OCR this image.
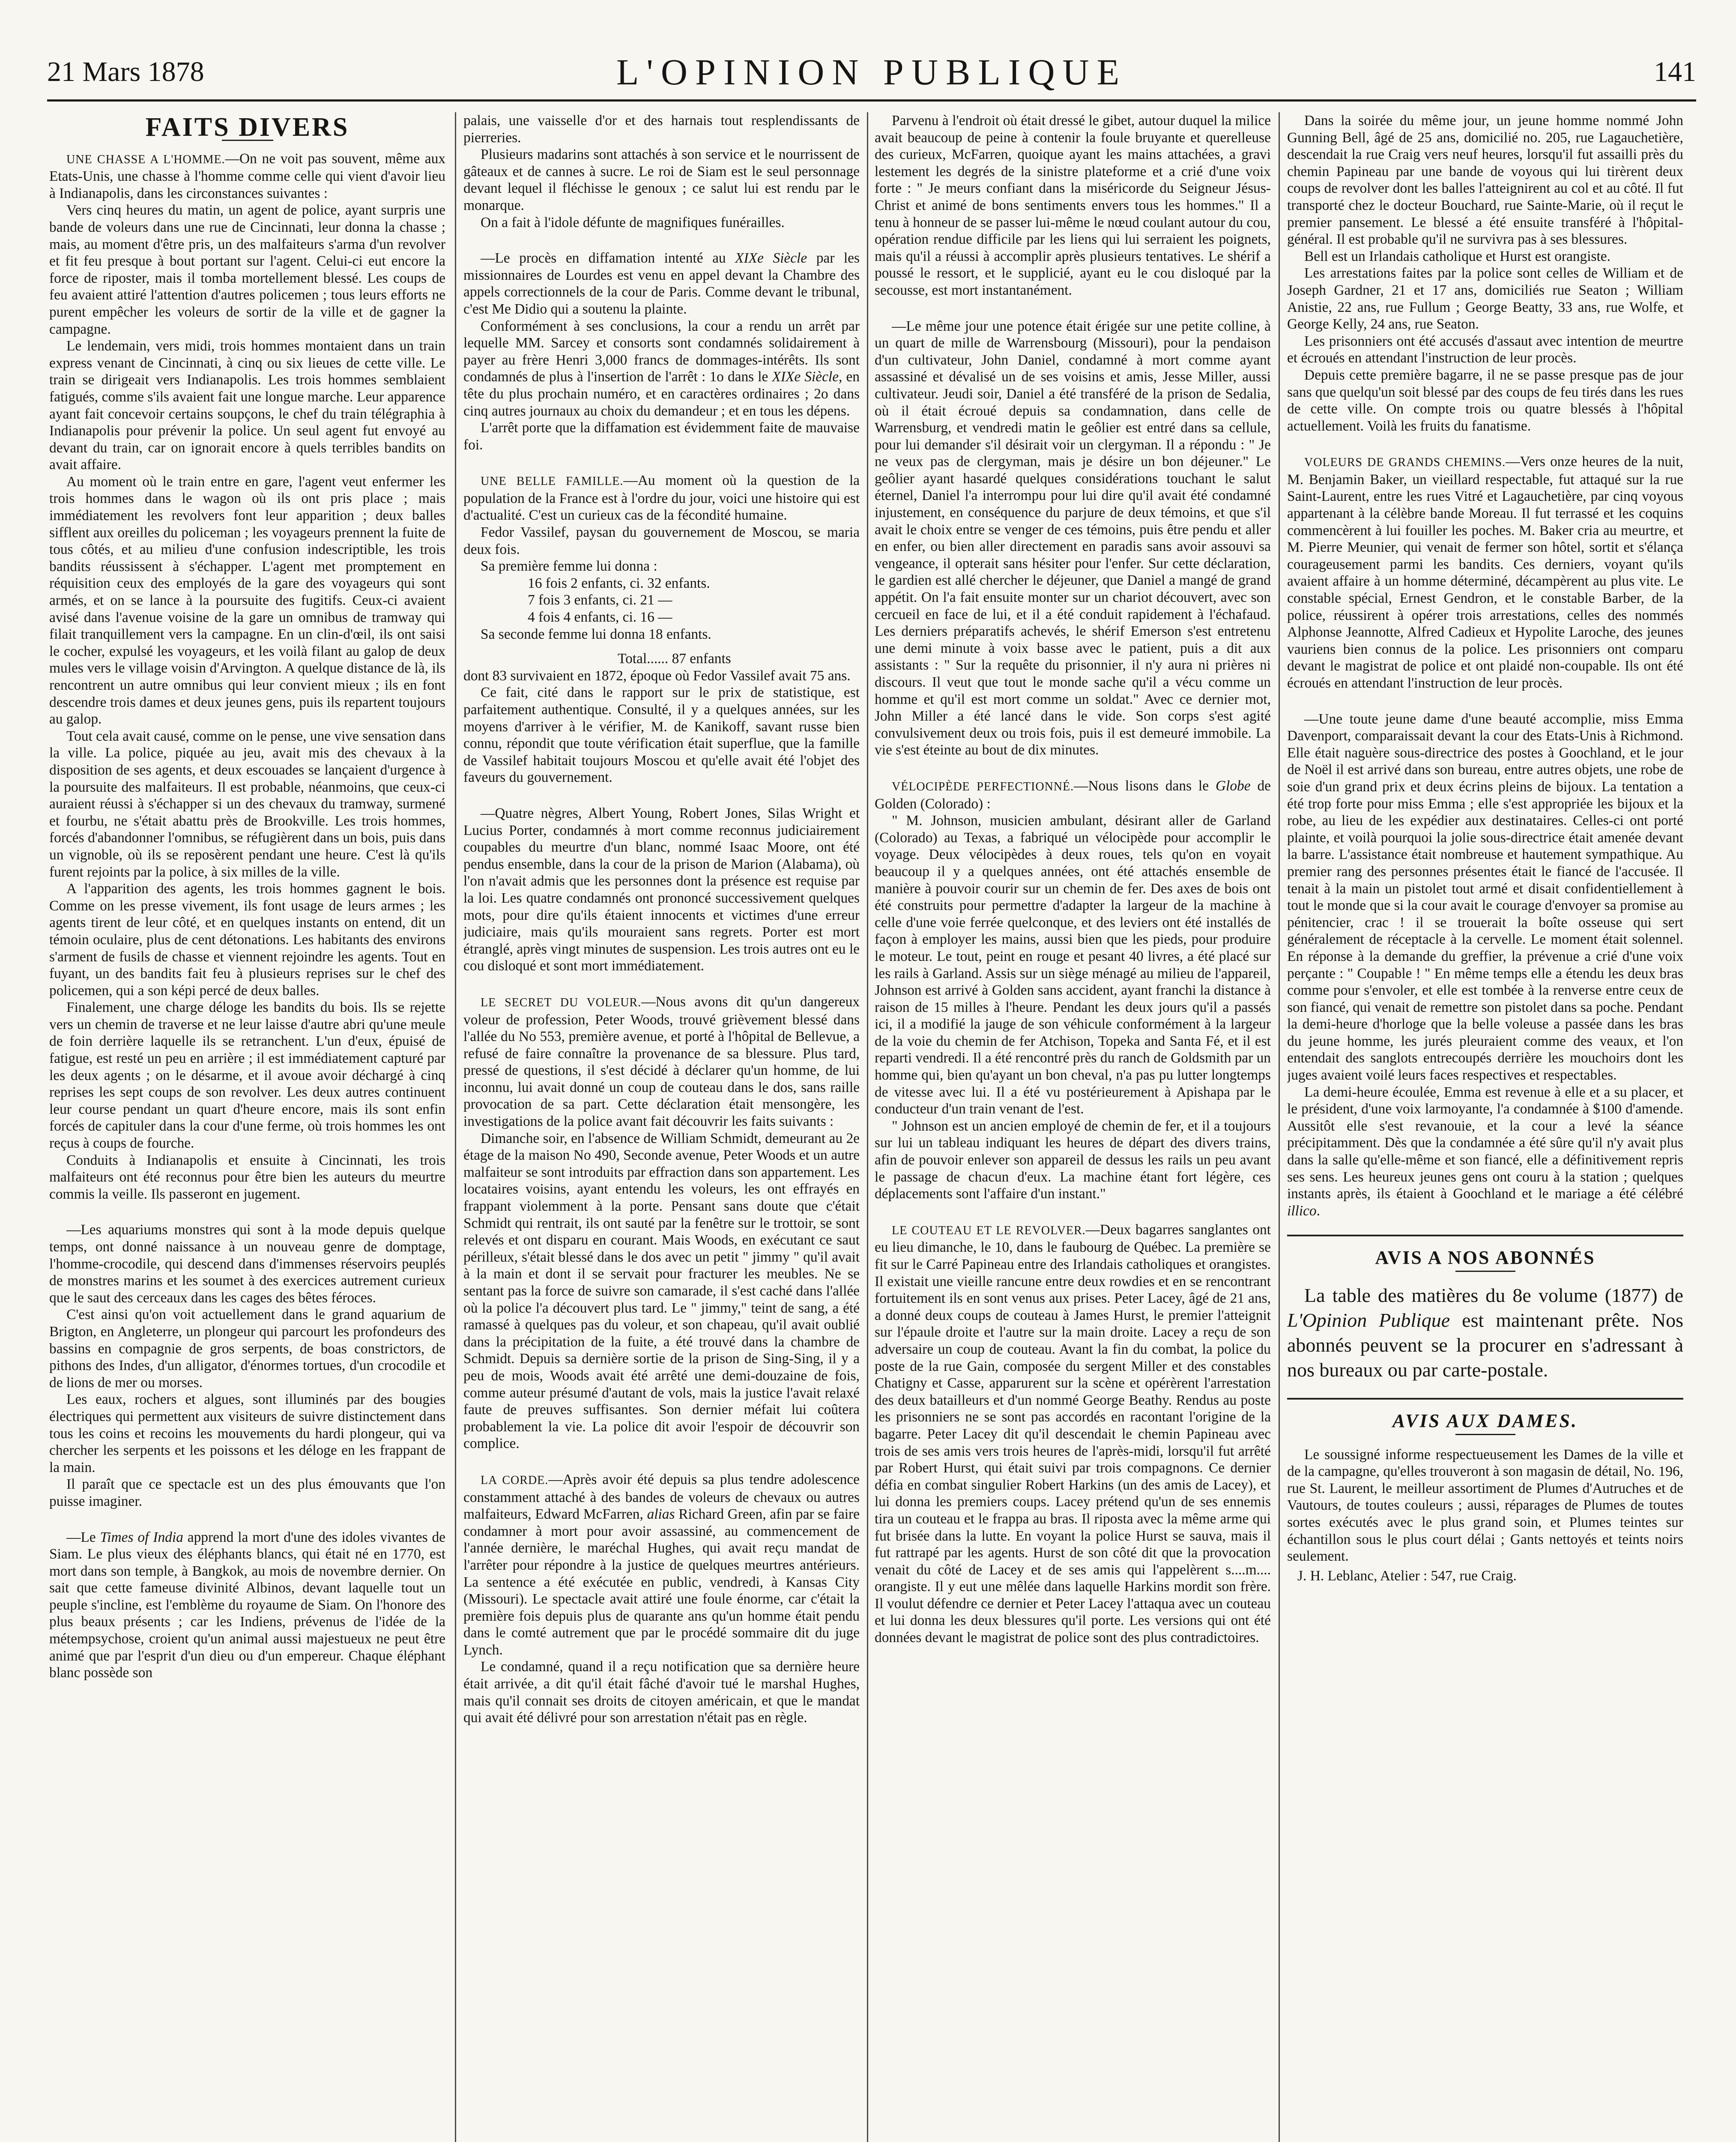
21 Mars 1878	L'OPINION PUBLIQUE	141
FAITS DIVERS

UNE CHASSE A L'HOMME.—On ne voit pas souvent, même aux Etats-Unis, une chasse à l'homme comme celle qui vient d'avoir lieu à Indianapolis, dans les circonstances suivantes :

Vers cinq heures du matin, un agent de police, ayant surpris une bande de voleurs dans une rue de Cincinnati, leur donna la chasse ; mais, au moment d'être pris, un des malfaiteurs s'arma d'un revolver et fit feu presque à bout portant sur l'agent. Celui-ci eut encore la force de riposter, mais il tomba mortellement blessé. Les coups de feu avaient attiré l'attention d'autres policemen ; tous leurs efforts ne purent empêcher les voleurs de sortir de la ville et de gagner la campagne.

Le lendemain, vers midi, trois hommes montaient dans un train express venant de Cincinnati, à cinq ou six lieues de cette ville. Le train se dirigeait vers Indianapolis. Les trois hommes semblaient fatigués, comme s'ils avaient fait une longue marche. Leur apparence ayant fait concevoir certains soupçons, le chef du train télégraphia à Indianapolis pour prévenir la police. Un seul agent fut envoyé au devant du train, car on ignorait encore à quels terribles bandits on avait affaire.

Au moment où le train entre en gare, l'agent veut enfermer les trois hommes dans le wagon où ils ont pris place ; mais immédiatement les revolvers font leur apparition ; deux balles sifflent aux oreilles du policeman ; les voyageurs prennent la fuite de tous côtés, et au milieu d'une confusion indescriptible, les trois bandits réussissent à s'échapper. L'agent met promptement en réquisition ceux des employés de la gare des voyageurs qui sont armés, et on se lance à la poursuite des fugitifs. Ceux-ci avaient avisé dans l'avenue voisine de la gare un omnibus de tramway qui filait tranquillement vers la campagne. En un clin-d'œil, ils ont saisi le cocher, expulsé les voyageurs, et les voilà filant au galop de deux mules vers le village voisin d'Arvington. A quelque distance de là, ils rencontrent un autre omnibus qui leur convient mieux ; ils en font descendre trois dames et deux jeunes gens, puis ils repartent toujours au galop.

Tout cela avait causé, comme on le pense, une vive sensation dans la ville. La police, piquée au jeu, avait mis des chevaux à la disposition de ses agents, et deux escouades se lançaient d'urgence à la poursuite des malfaiteurs. Il est probable, néanmoins, que ceux-ci auraient réussi à s'échapper si un des chevaux du tramway, surmené et fourbu, ne s'était abattu près de Brookville. Les trois hommes, forcés d'abandonner l'omnibus, se réfugièrent dans un bois, puis dans un vignoble, où ils se reposèrent pendant une heure. C'est là qu'ils furent rejoints par la police, à six milles de la ville.

A l'apparition des agents, les trois hommes gagnent le bois. Comme on les presse vivement, ils font usage de leurs armes ; les agents tirent de leur côté, et en quelques instants on entend, dit un témoin oculaire, plus de cent détonations. Les habitants des environs s'arment de fusils de chasse et viennent rejoindre les agents. Tout en fuyant, un des bandits fait feu à plusieurs reprises sur le chef des policemen, qui a son képi percé de deux balles.

Finalement, une charge déloge les bandits du bois. Ils se rejette vers un chemin de traverse et ne leur laisse d'autre abri qu'une meule de foin derrière laquelle ils se retranchent. L'un d'eux, épuisé de fatigue, est resté un peu en arrière ; il est immédiatement capturé par les deux agents ; on le désarme, et il avoue avoir déchargé à cinq reprises les sept coups de son revolver. Les deux autres continuent leur course pendant un quart d'heure encore, mais ils sont enfin forcés de capituler dans la cour d'une ferme, où trois hommes les ont reçus à coups de fourche.

Conduits à Indianapolis et ensuite à Cincinnati, les trois malfaiteurs ont été reconnus pour être bien les auteurs du meurtre commis la veille. Ils passeront en jugement.

—Les aquariums monstres qui sont à la mode depuis quelque temps, ont donné naissance à un nouveau genre de domptage, l'homme-crocodile, qui descend dans d'immenses réservoirs peuplés de monstres marins et les soumet à des exercices autrement curieux que le saut des cerceaux dans les cages des bêtes féroces.

C'est ainsi qu'on voit actuellement dans le grand aquarium de Brigton, en Angleterre, un plongeur qui parcourt les profondeurs des bassins en compagnie de gros serpents, de boas constrictors, de pithons des Indes, d'un alligator, d'énormes tortues, d'un crocodile et de lions de mer ou morses.

Les eaux, rochers et algues, sont illuminés par des bougies électriques qui permettent aux visiteurs de suivre distinctement dans tous les coins et recoins les mouvements du hardi plongeur, qui va chercher les serpents et les poissons et les déloge en les frappant de la main.

Il paraît que ce spectacle est un des plus émouvants que l'on puisse imaginer.

—Le Times of India apprend la mort d'une des idoles vivantes de Siam. Le plus vieux des éléphants blancs, qui était né en 1770, est mort dans son temple, à Bangkok, au mois de novembre dernier. On sait que cette fameuse divinité Albinos, devant laquelle tout un peuple s'incline, est l'emblème du royaume de Siam. On l'honore des plus beaux présents ; car les Indiens, prévenus de l'idée de la métempsychose, croient qu'un animal aussi majestueux ne peut être animé que par l'esprit d'un dieu ou d'un empereur. Chaque éléphant blanc possède son

palais, une vaisselle d'or et des harnais tout resplendissants de pierreries.

Plusieurs madarins sont attachés à son service et le nourrissent de gâteaux et de cannes à sucre. Le roi de Siam est le seul personnage devant lequel il fléchisse le genoux ; ce salut lui est rendu par le monarque.

On a fait à l'idole défunte de magnifiques funérailles.

—Le procès en diffamation intenté au XIXe Siècle par les missionnaires de Lourdes est venu en appel devant la Chambre des appels correctionnels de la cour de Paris. Comme devant le tribunal, c'est Me Didio qui a soutenu la plainte.

Conformément à ses conclusions, la cour a rendu un arrêt par lequelle MM. Sarcey et consorts sont condamnés solidairement à payer au frère Henri 3,000 francs de dommages-intérêts. Ils sont condamnés de plus à l'insertion de l'arrêt : 1o dans le XIXe Siècle, en tête du plus prochain numéro, et en caractères ordinaires ; 2o dans cinq autres journaux au choix du demandeur ; et en tous les dépens.

L'arrêt porte que la diffamation est évidemment faite de mauvaise foi.

UNE BELLE FAMILLE.—Au moment où la question de la population de la France est à l'ordre du jour, voici une histoire qui est d'actualité. C'est un curieux cas de la fécondité humaine.

Fedor Vassilef, paysan du gouvernement de Moscou, se maria deux fois.

Sa première femme lui donna :

16 fois 2 enfants, ci. 32 enfants.

7 fois 3 enfants, ci. 21 —

4 fois 4 enfants, ci. 16 —

Sa seconde femme lui donna 18 enfants.

Total...... 87 enfants

dont 83 survivaient en 1872, époque où Fedor Vassilef avait 75 ans.

Ce fait, cité dans le rapport sur le prix de statistique, est parfaitement authentique. Consulté, il y a quelques années, sur les moyens d'arriver à le vérifier, M. de Kanikoff, savant russe bien connu, répondit que toute vérification était superflue, que la famille de Vassilef habitait toujours Moscou et qu'elle avait été l'objet des faveurs du gouvernement.

—Quatre nègres, Albert Young, Robert Jones, Silas Wright et Lucius Porter, condamnés à mort comme reconnus judiciairement coupables du meurtre d'un blanc, nommé Isaac Moore, ont été pendus ensemble, dans la cour de la prison de Marion (Alabama), où l'on n'avait admis que les personnes dont la présence est requise par la loi. Les quatre condamnés ont prononcé successivement quelques mots, pour dire qu'ils étaient innocents et victimes d'une erreur judiciaire, mais qu'ils mouraient sans regrets. Porter est mort étranglé, après vingt minutes de suspension. Les trois autres ont eu le cou disloqué et sont mort immédiatement.

LE SECRET DU VOLEUR.—Nous avons dit qu'un dangereux voleur de profession, Peter Woods, trouvé grièvement blessé dans l'allée du No 553, première avenue, et porté à l'hôpital de Bellevue, a refusé de faire connaître la provenance de sa blessure. Plus tard, pressé de questions, il s'est décidé à déclarer qu'un homme, de lui inconnu, lui avait donné un coup de couteau dans le dos, sans raille provocation de sa part. Cette déclaration était mensongère, les investigations de la police avant fait découvrir les faits suivants :

Dimanche soir, en l'absence de William Schmidt, demeurant au 2e étage de la maison No 490, Seconde avenue, Peter Woods et un autre malfaiteur se sont introduits par effraction dans son appartement. Les locataires voisins, ayant entendu les voleurs, les ont effrayés en frappant violemment à la porte. Pensant sans doute que c'était Schmidt qui rentrait, ils ont sauté par la fenêtre sur le trottoir, se sont relevés et ont disparu en courant. Mais Woods, en exécutant ce saut périlleux, s'était blessé dans le dos avec un petit " jimmy " qu'il avait à la main et dont il se servait pour fracturer les meubles. Ne se sentant pas la force de suivre son camarade, il s'est caché dans l'allée où la police l'a découvert plus tard. Le " jimmy," teint de sang, a été ramassé à quelques pas du voleur, et son chapeau, qu'il avait oublié dans la précipitation de la fuite, a été trouvé dans la chambre de Schmidt. Depuis sa dernière sortie de la prison de Sing-Sing, il y a peu de mois, Woods avait été arrêté une demi-douzaine de fois, comme auteur présumé d'autant de vols, mais la justice l'avait relaxé faute de preuves suffisantes. Son dernier méfait lui coûtera probablement la vie. La police dit avoir l'espoir de découvrir son complice.

LA CORDE.—Après avoir été depuis sa plus tendre adolescence constamment attaché à des bandes de voleurs de chevaux ou autres malfaiteurs, Edward McFarren, alias Richard Green, afin par se faire condamner à mort pour avoir assassiné, au commencement de l'année dernière, le maréchal Hughes, qui avait reçu mandat de l'arrêter pour répondre à la justice de quelques meurtres antérieurs. La sentence a été exécutée en public, vendredi, à Kansas City (Missouri). Le spectacle avait attiré une foule énorme, car c'était la première fois depuis plus de quarante ans qu'un homme était pendu dans le comté autrement que par le procédé sommaire dit du juge Lynch.

Le condamné, quand il a reçu notification que sa dernière heure était arrivée, a dit qu'il était fâché d'avoir tué le marshal Hughes, mais qu'il connait ses droits de citoyen américain, et que le mandat qui avait été délivré pour son arrestation n'était pas en règle.

Parvenu à l'endroit où était dressé le gibet, autour duquel la milice avait beaucoup de peine à contenir la foule bruyante et querelleuse des curieux, McFarren, quoique ayant les mains attachées, a gravi lestement les degrés de la sinistre plateforme et a crié d'une voix forte : " Je meurs confiant dans la miséricorde du Seigneur Jésus-Christ et animé de bons sentiments envers tous les hommes." Il a tenu à honneur de se passer lui-même le nœud coulant autour du cou, opération rendue difficile par les liens qui lui serraient les poignets, mais qu'il a réussi à accomplir après plusieurs tentatives. Le shérif a poussé le ressort, et le supplicié, ayant eu le cou disloqué par la secousse, est mort instantanément.

—Le même jour une potence était érigée sur une petite colline, à un quart de mille de Warrensbourg (Missouri), pour la pendaison d'un cultivateur, John Daniel, condamné à mort comme ayant assassiné et dévalisé un de ses voisins et amis, Jesse Miller, aussi cultivateur. Jeudi soir, Daniel a été transféré de la prison de Sedalia, où il était écroué depuis sa condamnation, dans celle de Warrensburg, et vendredi matin le geôlier est entré dans sa cellule, pour lui demander s'il désirait voir un clergyman. Il a répondu : " Je ne veux pas de clergyman, mais je désire un bon déjeuner." Le geôlier ayant hasardé quelques considérations touchant le salut éternel, Daniel l'a interrompu pour lui dire qu'il avait été condamné injustement, en conséquence du parjure de deux témoins, et que s'il avait le choix entre se venger de ces témoins, puis être pendu et aller en enfer, ou bien aller directement en paradis sans avoir assouvi sa vengeance, il opterait sans hésiter pour l'enfer. Sur cette déclaration, le gardien est allé chercher le déjeuner, que Daniel a mangé de grand appétit. On l'a fait ensuite monter sur un chariot découvert, avec son cercueil en face de lui, et il a été conduit rapidement à l'échafaud. Les derniers préparatifs achevés, le shérif Emerson s'est entretenu une demi minute à voix basse avec le patient, puis a dit aux assistants : " Sur la requête du prisonnier, il n'y aura ni prières ni discours. Il veut que tout le monde sache qu'il a vécu comme un homme et qu'il est mort comme un soldat." Avec ce dernier mot, John Miller a été lancé dans le vide. Son corps s'est agité convulsivement deux ou trois fois, puis il est demeuré immobile. La vie s'est éteinte au bout de dix minutes.

VÉLOCIPÈDE PERFECTIONNÉ.—Nous lisons dans le Globe de Golden (Colorado) :

" M. Johnson, musicien ambulant, désirant aller de Garland (Colorado) au Texas, a fabriqué un vélocipède pour accomplir le voyage. Deux vélocipèdes à deux roues, tels qu'on en voyait beaucoup il y a quelques années, ont été attachés ensemble de manière à pouvoir courir sur un chemin de fer. Des axes de bois ont été construits pour permettre d'adapter la largeur de la machine à celle d'une voie ferrée quelconque, et des leviers ont été installés de façon à employer les mains, aussi bien que les pieds, pour produire le moteur. Le tout, peint en rouge et pesant 40 livres, a été placé sur les rails à Garland. Assis sur un siège ménagé au milieu de l'appareil, Johnson est arrivé à Golden sans accident, ayant franchi la distance à raison de 15 milles à l'heure. Pendant les deux jours qu'il a passés ici, il a modifié la jauge de son véhicule conformément à la largeur de la voie du chemin de fer Atchison, Topeka and Santa Fé, et il est reparti vendredi. Il a été rencontré près du ranch de Goldsmith par un homme qui, bien qu'ayant un bon cheval, n'a pas pu lutter longtemps de vitesse avec lui. Il a été vu postérieurement à Apishapa par le conducteur d'un train venant de l'est.

" Johnson est un ancien employé de chemin de fer, et il a toujours sur lui un tableau indiquant les heures de départ des divers trains, afin de pouvoir enlever son appareil de dessus les rails un peu avant le passage de chacun d'eux. La machine étant fort légère, ces déplacements sont l'affaire d'un instant."

LE COUTEAU ET LE REVOLVER.—Deux bagarres sanglantes ont eu lieu dimanche, le 10, dans le faubourg de Québec. La première se fit sur le Carré Papineau entre des Irlandais catholiques et orangistes. Il existait une vieille rancune entre deux rowdies et en se rencontrant fortuitement ils en sont venus aux prises. Peter Lacey, âgé de 21 ans, a donné deux coups de couteau à James Hurst, le premier l'atteignit sur l'épaule droite et l'autre sur la main droite. Lacey a reçu de son adversaire un coup de couteau. Avant la fin du combat, la police du poste de la rue Gain, composée du sergent Miller et des constables Chatigny et Casse, apparurent sur la scène et opérèrent l'arrestation des deux batailleurs et d'un nommé George Beathy. Rendus au poste les prisonniers ne se sont pas accordés en racontant l'origine de la bagarre. Peter Lacey dit qu'il descendait le chemin Papineau avec trois de ses amis vers trois heures de l'après-midi, lorsqu'il fut arrêté par Robert Hurst, qui était suivi par trois compagnons. Ce dernier défia en combat singulier Robert Harkins (un des amis de Lacey), et lui donna les premiers coups. Lacey prétend qu'un de ses ennemis tira un couteau et le frappa au bras. Il riposta avec la même arme qui fut brisée dans la lutte. En voyant la police Hurst se sauva, mais il fut rattrapé par les agents. Hurst de son côté dit que la provocation venait du côté de Lacey et de ses amis qui l'appelèrent s....m.... orangiste. Il y eut une mêlée dans laquelle Harkins mordit son frère. Il voulut défendre ce dernier et Peter Lacey l'attaqua avec un couteau et lui donna les deux blessures qu'il porte. Les versions qui ont été données devant le magistrat de police sont des plus contradictoires.

Dans la soirée du même jour, un jeune homme nommé John Gunning Bell, âgé de 25 ans, domicilié no. 205, rue Lagauchetière, descendait la rue Craig vers neuf heures, lorsqu'il fut assailli près du chemin Papineau par une bande de voyous qui lui tirèrent deux coups de revolver dont les balles l'atteignirent au col et au côté. Il fut transporté chez le docteur Bouchard, rue Sainte-Marie, où il reçut le premier pansement. Le blessé a été ensuite transféré à l'hôpital-général. Il est probable qu'il ne survivra pas à ses blessures.

Bell est un Irlandais catholique et Hurst est orangiste.

Les arrestations faites par la police sont celles de William et de Joseph Gardner, 21 et 17 ans, domiciliés rue Seaton ; William Anistie, 22 ans, rue Fullum ; George Beatty, 33 ans, rue Wolfe, et George Kelly, 24 ans, rue Seaton.

Les prisonniers ont été accusés d'assaut avec intention de meurtre et écroués en attendant l'instruction de leur procès.

Depuis cette première bagarre, il ne se passe presque pas de jour sans que quelqu'un soit blessé par des coups de feu tirés dans les rues de cette ville. On compte trois ou quatre blessés à l'hôpital actuellement. Voilà les fruits du fanatisme.

VOLEURS DE GRANDS CHEMINS.—Vers onze heures de la nuit, M. Benjamin Baker, un vieillard respectable, fut attaqué sur la rue Saint-Laurent, entre les rues Vitré et Lagauchetière, par cinq voyous appartenant à la célèbre bande Moreau. Il fut terrassé et les coquins commencèrent à lui fouiller les poches. M. Baker cria au meurtre, et M. Pierre Meunier, qui venait de fermer son hôtel, sortit et s'élança courageusement parmi les bandits. Ces derniers, voyant qu'ils avaient affaire à un homme déterminé, décampèrent au plus vite. Le constable spécial, Ernest Gendron, et le constable Barber, de la police, réussirent à opérer trois arrestations, celles des nommés Alphonse Jeannotte, Alfred Cadieux et Hypolite Laroche, des jeunes vauriens bien connus de la police. Les prisonniers ont comparu devant le magistrat de police et ont plaidé non-coupable. Ils ont été écroués en attendant l'instruction de leur procès.

—Une toute jeune dame d'une beauté accomplie, miss Emma Davenport, comparaissait devant la cour des Etats-Unis à Richmond. Elle était naguère sous-directrice des postes à Goochland, et le jour de Noël il est arrivé dans son bureau, entre autres objets, une robe de soie d'un grand prix et deux écrins pleins de bijoux. La tentation a été trop forte pour miss Emma ; elle s'est appropriée les bijoux et la robe, au lieu de les expédier aux destinataires. Celles-ci ont porté plainte, et voilà pourquoi la jolie sous-directrice était amenée devant la barre. L'assistance était nombreuse et hautement sympathique. Au premier rang des personnes présentes était le fiancé de l'accusée. Il tenait à la main un pistolet tout armé et disait confidentiellement à tout le monde que si la cour avait le courage d'envoyer sa promise au pénitencier, crac ! il se trouerait la boîte osseuse qui sert généralement de réceptacle à la cervelle. Le moment était solennel. En réponse à la demande du greffier, la prévenue a crié d'une voix perçante : " Coupable ! " En même temps elle a étendu les deux bras comme pour s'envoler, et elle est tombée à la renverse entre ceux de son fiancé, qui venait de remettre son pistolet dans sa poche. Pendant la demi-heure d'horloge que la belle voleuse a passée dans les bras du jeune homme, les jurés pleuraient comme des veaux, et l'on entendait des sanglots entrecoupés derrière les mouchoirs dont les juges avaient voilé leurs faces respectives et respectables.

La demi-heure écoulée, Emma est revenue à elle et a su placer, et le président, d'une voix larmoyante, l'a condamnée à $100 d'amende. Aussitôt elle s'est revanouie, et la cour a levé la séance précipitamment. Dès que la condamnée a été sûre qu'il n'y avait plus dans la salle qu'elle-même et son fiancé, elle a définitivement repris ses sens. Les heureux jeunes gens ont couru à la station ; quelques instants après, ils étaient à Goochland et le mariage a été célébré illico.

AVIS A NOS ABONNÉS

La table des matières du 8e volume (1877) de L'Opinion Publique est maintenant prête. Nos abonnés peuvent se la procurer en s'adressant à nos bureaux ou par carte-postale.

AVIS AUX DAMES.

Le soussigné informe respectueusement les Dames de la ville et de la campagne, qu'elles trouveront à son magasin de détail, No. 196, rue St. Laurent, le meilleur assortiment de Plumes d'Autruches et de Vautours, de toutes couleurs ; aussi, réparages de Plumes de toutes sortes exécutés avec le plus grand soin, et Plumes teintes sur échantillon sous le plus court délai ; Gants nettoyés et teints noirs seulement.

J. H. Leblanc, Atelier : 547, rue Craig.
